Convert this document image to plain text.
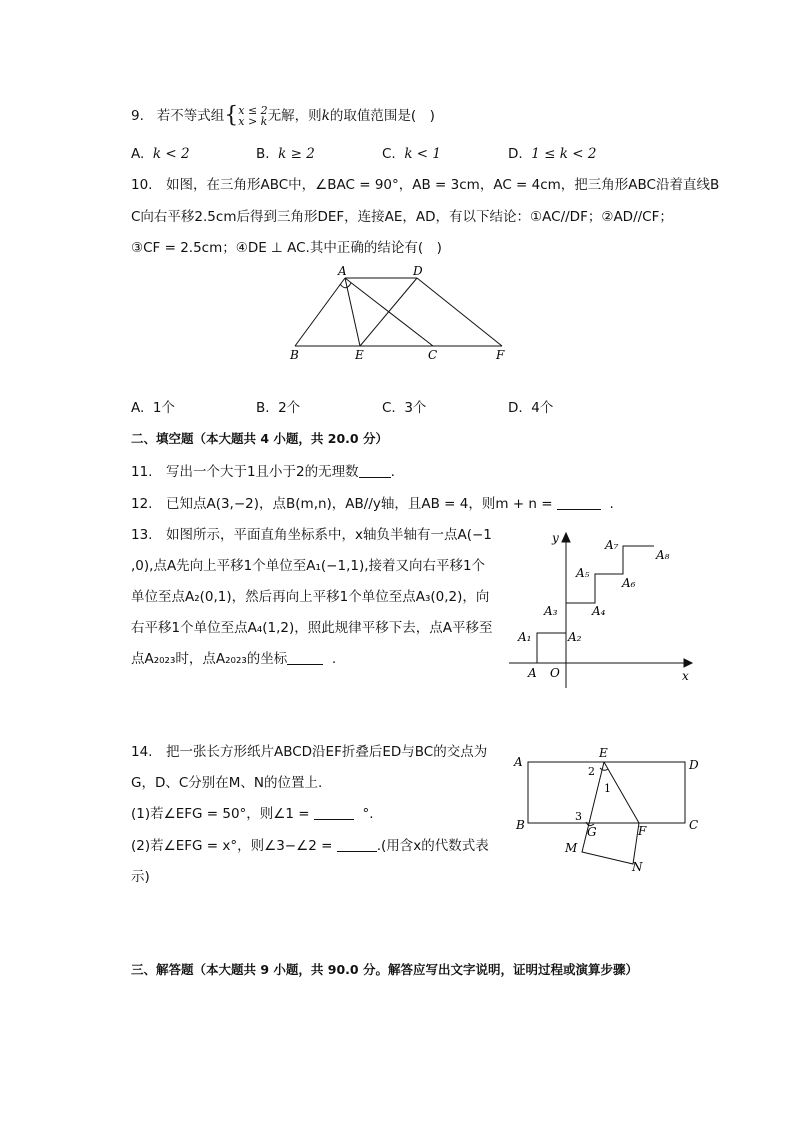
9. 若不等式组{x ≤ 2
x > k无解，则k的取值范围是(　)
A. k < 2	B. k ≥ 2	C. k < 1	D. 1 ≤ k < 2
10.　如图，在三角形ABC中，∠BAC = 90°，AB = 3cm，AC = 4cm，把三角形ABC沿着直线B
C向右平移2.5cm后得到三角形DEF，连接AE，AD，有以下结论：①AC//DF；②AD//CF；
③CF = 2.5cm；④DE ⊥ AC.其中正确的结论有(　)
A	D
B	E	C	F
A. 1个	B. 2个	C. 3个	D. 4个
二、填空题（本大题共 4 小题，共 20.0 分）
11.　写出一个大于1且小于2的无理数 .
12.　已知点A(3,−2)，点B(m,n)，AB//y轴，且AB = 4，则m + n =	.
13.　如图所示，平面直角坐标系中，x轴负半轴有一点A(−1
,0),点A先向上平移1个单位至A₁(−1,1),接着又向右平移1个
单位至点A₂(0,1)，然后再向上平移1个单位至点A₃(0,2)，向
右平移1个单位至点A₄(1,2)，照此规律平移下去，点A平移至
点A₂₀₂₃时，点A₂₀₂₃的坐标	.
y
x
O
A
A₁	A₂
A₃	A₄
A₅
A₆
A₇
A₈
14.　把一张长方形纸片ABCD沿EF折叠后ED与BC的交点为
G，D、C分别在M、N的位置上.
(1)若∠EFG = 50°，则∠1 =	°.
(2)若∠EFG = x°，则∠3−∠2 =	.(用含x的代数式表
示)
A	D
B	C
E
F
G
M
N
1
2
3
三、解答题（本大题共 9 小题，共 90.0 分。解答应写出文字说明，证明过程或演算步骤）
